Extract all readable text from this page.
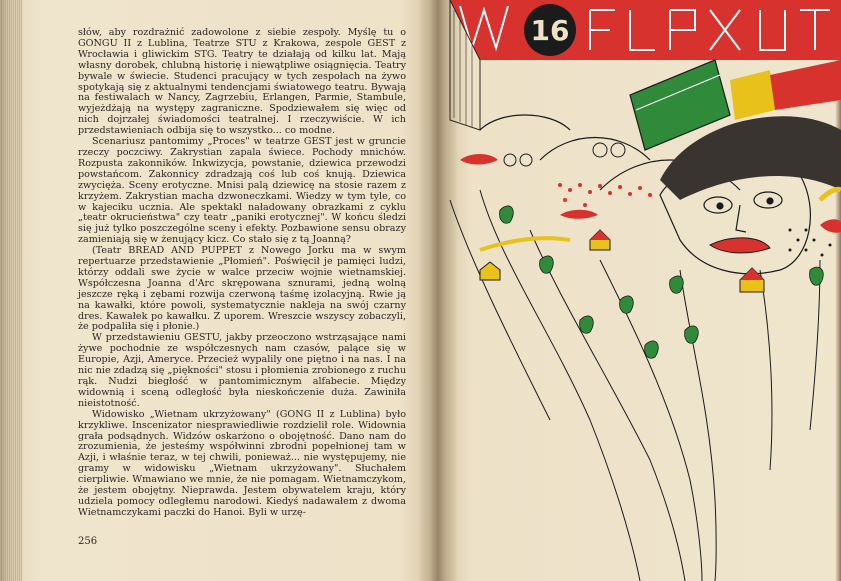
słów, aby rozdrażnić zadowolone z siebie zespoły. Myślę tu o GONGU II z Lublina, Teatrze STU z Krakowa, zespole GEST z Wrocławia i gliwickim STG. Teatry te działają od kilku lat. Mają własny dorobek, chlubną historię i niewątpliwe osiągnięcia. Teatry bywale w świecie. Studenci pracujący w tych zespołach na żywo spotykają się z aktualnymi tendencjami światowego teatru. Bywają na festiwalach w Nancy, Zagrzebiu, Erlangen, Parmie, Stambule, wyjeżdżają na występy zagraniczne. Spodziewałem się więc od nich dojrzałej świadomości teatralnej. I rzeczywiście. W ich przedstawieniach odbija się to wszystko... co modne.

Scenariusz pantomimy „Proces" w teatrze GEST jest w gruncie rzeczy poczciwy. Zakrystian zapala świece. Pochody mnichów. Rozpusta zakonników. Inkwizycja, powstanie, dziewica przewodzi powstańcom. Zakonnicy zdradzają coś lub coś knują. Dziewica zwycięża. Sceny erotyczne. Mnisi palą dziewicę na stosie razem z krzyżem. Zakrystian macha dzwoneczkami. Wiedzy w tym tyle, co w kajeciku ucznia. Ale spektakl naładowany obrazkami z cyklu „teatr okrucieństwa" czy teatr „paniki erotycznej". W końcu śledzi się już tylko poszczególne sceny i efekty. Pozbawione sensu obrazy zamieniają się w żenujący kicz. Co stało się z tą Joanną?

(Teatr BREAD AND PUPPET z Nowego Jorku ma w swym repertuarze przedstawienie „Płomień". Poświęcił je pamięci ludzi, którzy oddali swe życie w walce przeciw wojnie wietnamskiej. Współczesna Joanna d'Arc skrępowana sznurami, jedną wolną jeszcze ręką i zębami rozwija czerwoną taśmę izolacyjną. Rwie ją na kawałki, które powoli, systematycznie nakleja na swój czarny dres. Kawałek po kawałku. Z uporem. Wreszcie wszyscy zobaczyli, że podpaliła się i płonie.)

W przedstawieniu GESTU, jakby przeoczono wstrząsające nami żywe pochodnie ze współczesnych nam czasów, palące się w Europie, Azji, Ameryce. Przecież wypalily one piętno i na nas. I na nic nie zdadzą się „piękności" stosu i płomienia zrobionego z ruchu rąk. Nudzi biegłość w pantomimicznym alfabecie. Między widownią i sceną odległość była nieskończenie duża. Zawiniła nieistotność.

Widowisko „Wietnam ukrzyżowany" (GONG II z Lublina) było krzykliwe. Inscenizator niesprawiedliwie rozdzielił role. Widownia grała podsądnych. Widzów oskarżono o obojętność. Dano nam do zrozumienia, że jesteśmy współwinni zbrodni popełnionej tam w Azji, i właśnie teraz, w tej chwili, ponieważ... nie występujemy, nie gramy w widowisku „Wietnam ukrzyżowany". Słuchałem cierpliwie. Wmawiano we mnie, że nie pomagam. Wietnamczykom, że jestem obojętny. Nieprawda. Jestem obywatelem kraju, który udziela pomocy odległemu narodowi. Kiedyś nadawałem z dwoma Wietnamczykami paczki do Hanoi. Byli w urzę-

256
16
